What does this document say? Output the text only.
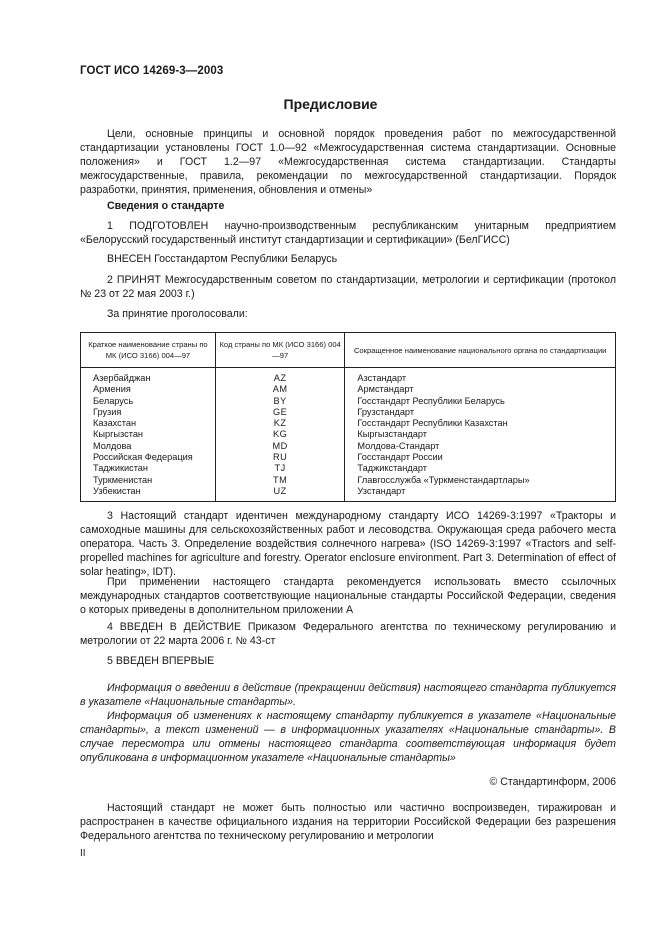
ГОСТ ИСО 14269-3—2003
Предисловие

Цели, основные принципы и основной порядок проведения работ по межгосударственной стандартизации установлены ГОСТ 1.0—92 «Межгосударственная система стандартизации. Основные положения» и ГОСТ 1.2—97 «Межгосударственная система стандартизации. Стандарты межгосударственные, правила, рекомендации по межгосударственной стандартизации. Порядок разработки, принятия, применения, обновления и отмены»

Сведения о стандарте

1 ПОДГОТОВЛЕН научно-производственным республиканским унитарным предприятием «Белорусский государственный институт стандартизации и сертификации» (БелГИСС)

ВНЕСЕН Госстандартом Республики Беларусь

2 ПРИНЯТ Межгосударственным советом по стандартизации, метрологии и сертификации (протокол № 23 от 22 мая 2003 г.)

За принятие проголосовали:

Краткое наименование страны по МК (ИСО 3166) 004—97	Код страны по МК (ИСО 3166) 004—97	Сокращенное наименование национального органа по стандартизации
Азербайджан	AZ	Азстандарт
Армения	AM	Армстандарт
Беларусь	BY	Госстандарт Республики Беларусь
Грузия	GE	Грузстандарт
Казахстан	KZ	Госстандарт Республики Казахстан
Кыргызстан	KG	Кыргызстандарт
Молдова	MD	Молдова-Стандарт
Российская Федерация	RU	Госстандарт России
Таджикистан	TJ	Таджикстандарт
Туркменистан	TM	Главгосслужба «Туркменстандартлары»
Узбекистан	UZ	Узстандарт

3 Настоящий стандарт идентичен международному стандарту ИСО 14269-3:1997 «Тракторы и самоходные машины для сельскохозяйственных работ и лесоводства. Окружающая среда рабочего места оператора. Часть 3. Определение воздействия солнечного нагрева» (ISO 14269-3:1997 «Tractors and self-propelled machines for agriculture and forestry. Operator enclosure environment. Part 3. Determination of effect of solar heating», IDT).

При применении настоящего стандарта рекомендуется использовать вместо ссылочных международных стандартов соответствующие национальные стандарты Российской Федерации, сведения о которых приведены в дополнительном приложении А

4 ВВЕДЕН В ДЕЙСТВИЕ Приказом Федерального агентства по техническому регулированию и метрологии от 22 марта 2006 г. № 43-ст

5 ВВЕДЕН ВПЕРВЫЕ

Информация о введении в действие (прекращении действия) настоящего стандарта публикуется в указателе «Национальные стандарты».

Информация об изменениях к настоящему стандарту публикуется в указателе «Национальные стандарты», а текст изменений — в информационных указателях «Национальные стандарты». В случае пересмотра или отмены настоящего стандарта соответствующая информация будет опубликована в информационном указателе «Национальные стандарты»

© Стандартинформ, 2006

Настоящий стандарт не может быть полностью или частично воспроизведен, тиражирован и распространен в качестве официального издания на территории Российской Федерации без разрешения Федерального агентства по техническому регулированию и метрологии

II
